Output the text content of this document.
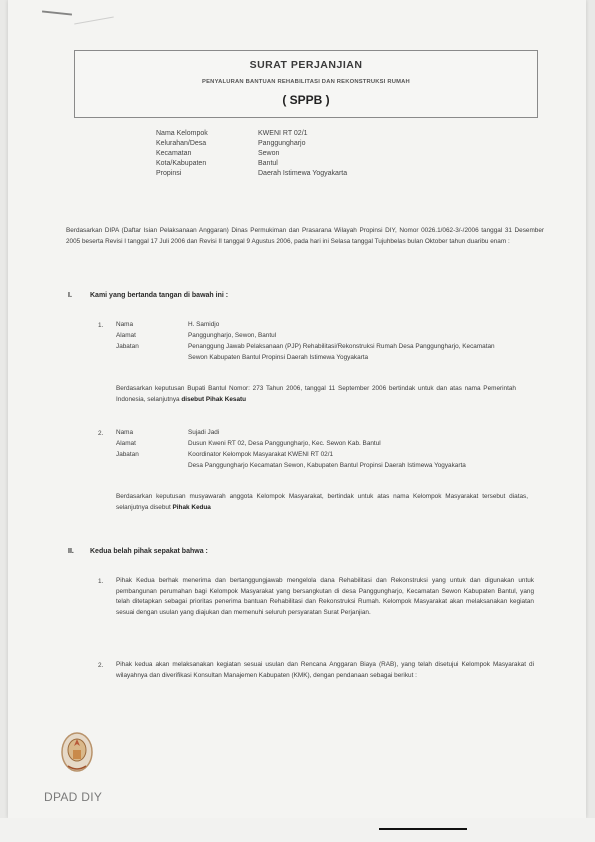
SURAT PERJANJIAN
PENYALURAN BANTUAN REHABILITASI DAN REKONSTRUKSI RUMAH
( SPPB )
Nama Kelompok	KWENI RT 02/1
Kelurahan/Desa	Panggungharjo
Kecamatan	Sewon
Kota/Kabupaten	Bantul
Propinsi	Daerah Istimewa Yogyakarta
Berdasarkan DIPA (Daftar Isian Pelaksanaan Anggaran) Dinas Permukiman dan Prasarana Wilayah Propinsi DIY, Nomor 0026.1/062-3/-/2006 tanggal 31 Desember 2005 beserta Revisi I tanggal 17 Juli 2006 dan Revisi II tanggal 9 Agustus 2006, pada hari ini Selasa tanggal Tujuhbelas bulan Oktober tahun duaribu enam :
I.	Kami yang bertanda tangan di bawah ini :
1. Nama	H. Samidjo
Alamat	Panggungharjo, Sewon, Bantul
Jabatan	Penanggung Jawab Pelaksanaan (PJP) Rehabilitasi/Rekonstruksi Rumah Desa Panggungharjo, Kecamatan Sewon Kabupaten Bantul Propinsi Daerah Istimewa Yogyakarta
Berdasarkan keputusan Bupati Bantul Nomor: 273 Tahun 2006, tanggal 11 September 2006 bertindak untuk dan atas nama Pemerintah Indonesia, selanjutnya disebut Pihak Kesatu
2. Nama	Sujadi Jadi
Alamat	Dusun Kweni RT 02, Desa Panggungharjo, Kec. Sewon Kab. Bantul
Jabatan	Koordinator Kelompok Masyarakat KWENI RT 02/1
Desa Panggungharjo Kecamatan Sewon, Kabupaten Bantul Propinsi Daerah Istimewa Yogyakarta
Berdasarkan keputusan musyawarah anggota Kelompok Masyarakat, bertindak untuk atas nama Kelompok Masyarakat tersebut diatas, selanjutnya disebut Pihak Kedua
II. Kedua belah pihak sepakat bahwa :
1. Pihak Kedua berhak menerima dan bertanggungjawab mengelola dana Rehabilitasi dan Rekonstruksi yang untuk dan digunakan untuk pembangunan perumahan bagi Kelompok Masyarakat yang bersangkutan di desa Panggungharjo, Kecamatan Sewon Kabupaten Bantul, yang telah ditetapkan sebagai prioritas penerima bantuan Rehabilitasi dan Rekonstruksi Rumah. Kelompok Masyarakat akan melaksanakan kegiatan sesuai dengan usulan yang diajukan dan memenuhi seluruh persyaratan Surat Perjanjian.
2. Pihak kedua akan melaksanakan kegiatan sesuai usulan dan Rencana Anggaran Biaya (RAB), yang telah disetujui Kelompok Masyarakat di wilayahnya dan diverifikasi Konsultan Manajemen Kabupaten (KMK), dengan pendanaan sebagai berikut :
DPAD DIY
